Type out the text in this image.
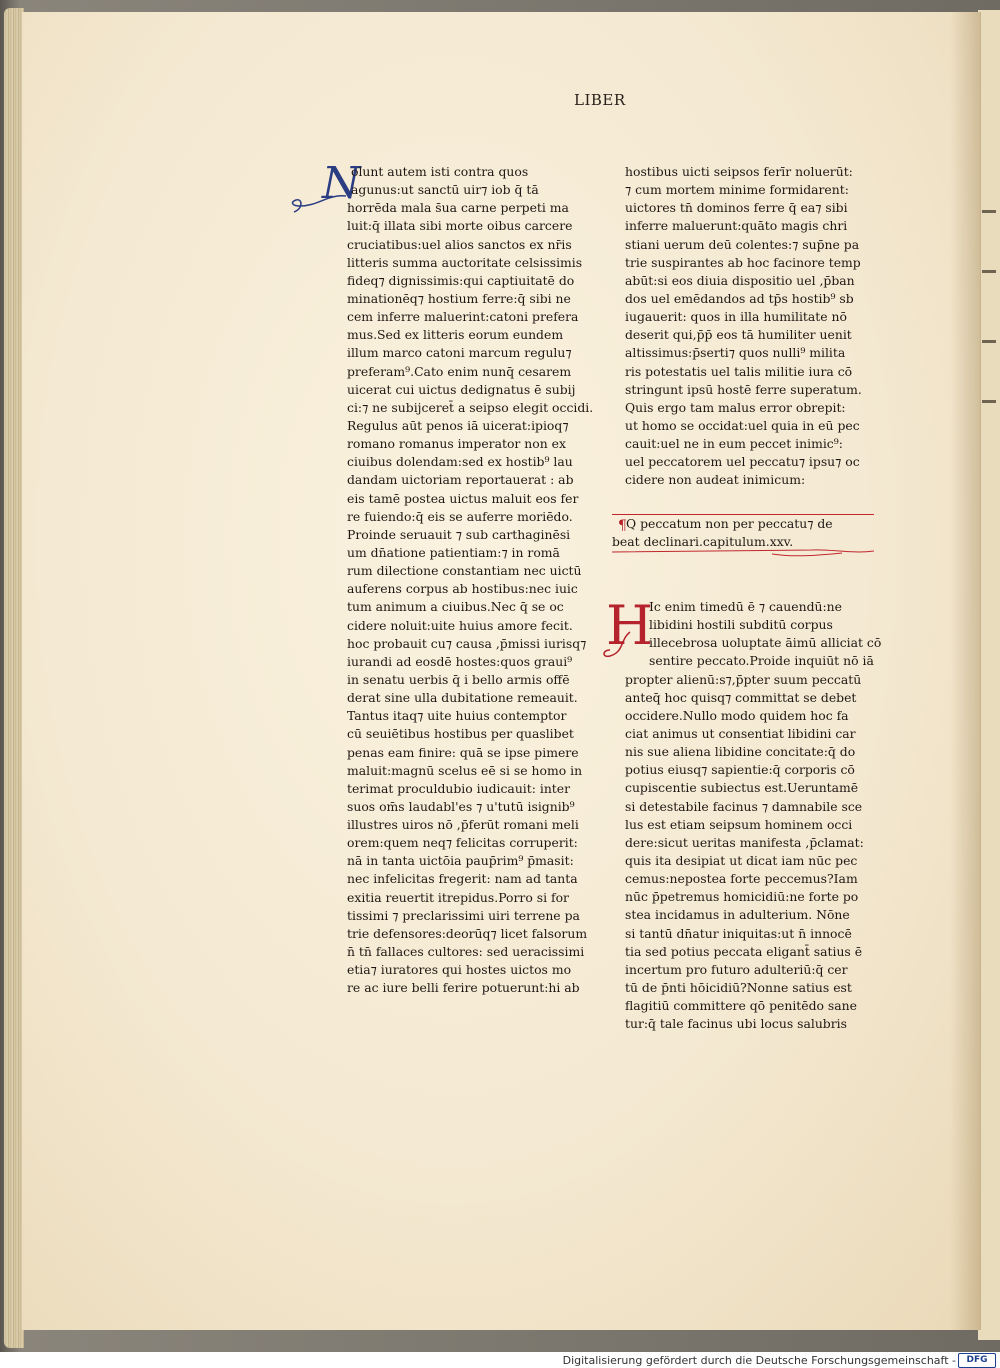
LIBER
N
olunt autem isti contra quos
agunus:ut sanctū uir⁊ iob q̄ tā
horrēda mala s̄ua carne perpeti ma
luit:q̄ illata sibi morte oibus carcere
cruciatibus:uel alios sanctos ex nr̄is
litteris summa auctoritate celsissimis
fideq⁊ dignissimis:qui captiuitatē do
minationēq⁊ hostium ferre:q̄ sibi ne
cem inferre maluerint:catoni prefera
mus.Sed ex litteris eorum eundem
illum marco catoni marcum regulu⁊
preferam⁹.Cato enim nunq̄ cesarem
uicerat cui uictus dedignatus ē subij
ci:⁊ ne subijceret̄ a seipso elegit occidi.
Regulus aūt penos iā uicerat:ipioq⁊
romano romanus imperator non ex
ciuibus dolendam:sed ex hostib⁹ lau
dandam uictoriam reportauerat : ab
eis tamē postea uictus maluit eos fer
re fuiendo:q̄ eis se auferre moriēdo.
Proinde seruauit ⁊ sub carthaginēsi
um dn̄atione patientiam:⁊ in romā
rum dilectione constantiam nec uictū
auferens corpus ab hostibus:nec iuic
tum animum a ciuibus.Nec q̄ se oc
cidere noluit:uite huius amore fecit.
hoc probauit cu⁊ causa ,p̄missi iurisq⁊
iurandi ad eosdē hostes:quos graui⁹
in senatu uerbis q̄ i bello armis offē
derat sine ulla dubitatione remeauit.
Tantus itaq⁊ uite huius contemptor
cū seuiētibus hostibus per quaslibet
penas eam finire: quā se ipse pimere
maluit:magnū scelus eē si se homo in
terimat proculdubio iudicauit: inter
suos om̄s laudabl'es ⁊ u'tutū isignib⁹
illustres uiros nō ,p̄ferūt romani meli
orem:quem neq⁊ felicitas corruperit:
nā in tanta uictōia paup̄rim⁹ p̄masit:
nec infelicitas fregerit: nam ad tanta
exitia reuertit itrepidus.Porro si for
tissimi ⁊ preclarissimi uiri terrene pa
trie defensores:deorūq⁊ licet falsorum
n̄ tn̄ fallaces cultores: sed ueracissimi
etia⁊ iuratores qui hostes uictos mo
re ac iure belli ferire potuerunt:hi ab
hostibus uicti seipsos ferīr noluerūt:
⁊ cum mortem minime formidarent:
uictores tn̄ dominos ferre q̄ ea⁊ sibi
inferre maluerunt:quāto magis chri
stiani uerum deū colentes:⁊ sup̄ne pa
trie suspirantes ab hoc facinore temp
abūt:si eos diuia dispositio uel ,p̄ban
dos uel emēdandos ad tp̄s hostib⁹ sb
iugauerit: quos in illa humilitate nō
deserit qui,p̄p̄ eos tā humiliter uenit
altissimus:p̄serti⁊ quos nulli⁹ milita
ris potestatis uel talis militie iura cō
stringunt ipsū hostē ferre superatum.
Quis ergo tam malus error obrepit:
ut homo se occidat:uel quia in eū pec
cauit:uel ne in eum peccet inimic⁹:
uel peccatorem uel peccatu⁊ ipsu⁊ oc
cidere non audeat inimicum:
Q peccatum non per peccatu⁊ de
beat declinari.capitulum.xxv.
¶
H
Ic enim timedū ē ⁊ cauendū:ne
libidini hostili subditū corpus
illecebrosa uoluptate āimū alliciat cō
sentire peccato.Proide inquiūt nō iā
propter alienū:s⁊,p̄pter suum peccatū
anteq̄ hoc quisq⁊ committat se debet
occidere.Nullo modo quidem hoc fa
ciat animus ut consentiat libidini car
nis sue aliena libidine concitate:q̄ do
potius eiusq⁊ sapientie:q̄ corporis cō
cupiscentie subiectus est.Ueruntamē
si detestabile facinus ⁊ damnabile sce
lus est etiam seipsum hominem occi
dere:sicut ueritas manifesta ,p̄clamat:
quis ita desipiat ut dicat iam nūc pec
cemus:nepostea forte peccemus?Iam
nūc p̄petremus homicidiū:ne forte po
stea incidamus in adulterium. Nōne
si tantū dn̄atur iniquitas:ut n̄ innocē
tia sed potius peccata eligant̄ satius ē
incertum pro futuro adulteriū:q̄ cer
tū de p̄nti hōicidiū?Nonne satius est
flagitiū committere qō penitēdo sane
tur:q̄ tale facinus ubi locus salubris
Digitalisierung gefördert durch die Deutsche Forschungsgemeinschaft -	DFG
